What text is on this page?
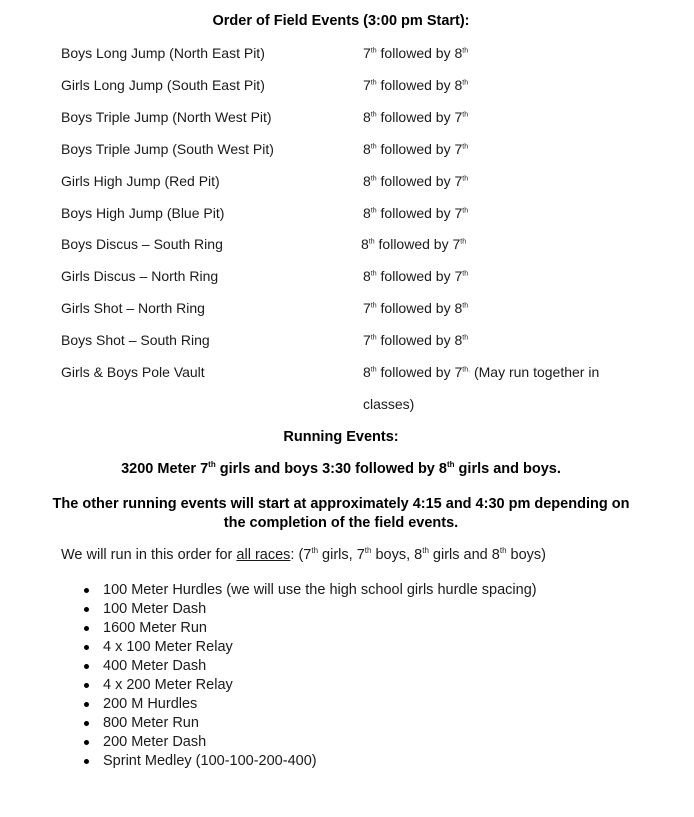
Order of Field Events (3:00 pm Start):
Boys Long Jump (North East Pit)	7th followed by 8th
Girls Long Jump (South East Pit)	7th followed by 8th
Boys Triple Jump (North West Pit)	8th followed by 7th
Boys Triple Jump (South West Pit)	8th followed by 7th
Girls High Jump (Red Pit)	8th followed by 7th
Boys High Jump (Blue Pit)	8th followed by 7th
Boys Discus – South Ring	8th followed by 7th
Girls Discus – North Ring	8th followed by 7th
Girls Shot – North Ring	7th followed by 8th
Boys Shot – South Ring	7th followed by 8th
Girls & Boys Pole Vault	8th followed by $7^{th.}$ (May run together in
classes)
Running Events:
3200 Meter 7th girls and boys 3:30 followed by 8th girls and boys.
The other running events will start at approximately 4:15 and 4:30 pm depending on the completion of the field events.
We will run in this order for all races: (7th girls, 7th boys, 8th girls and 8th boys)
100 Meter Hurdles (we will use the high school girls hurdle spacing)
100 Meter Dash
1600 Meter Run
4 x 100 Meter Relay
400 Meter Dash
4 x 200 Meter Relay
200 M Hurdles
800 Meter Run
200 Meter Dash
Sprint Medley (100-100-200-400)
